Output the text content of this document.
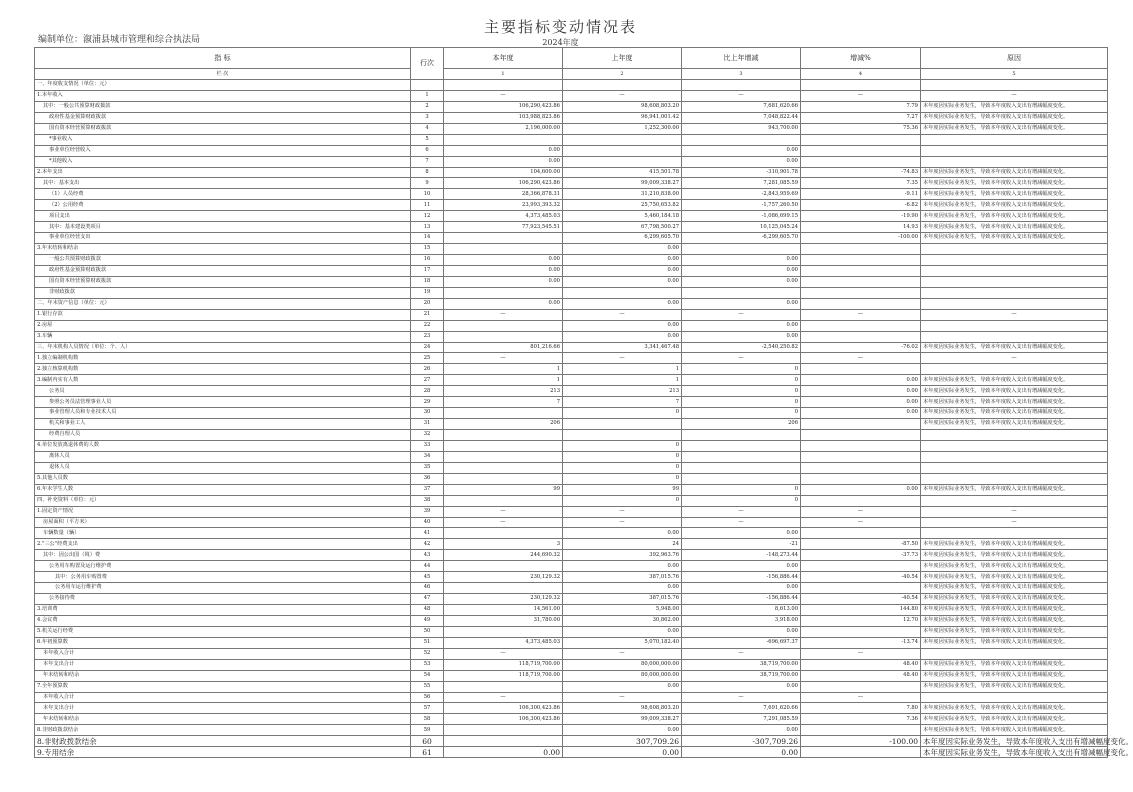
主要指标变动情况表
编制单位：溆浦县城市管理和综合执法局	2024年度
指 标	行次	本年度	上年度	比上年增减	增减%	原因
栏 次		1	2	3	4	5
一、年度收支情况（单位：元）						
1.本年收入	1	—	—	—	—	—
其中：一般公共预算财政拨款	2	106,290,423.86	98,608,803.20	7,681,620.66	7.79	本年度因实际业务发生，导致本年度收入支出有增减幅度变化。
政府性基金预算财政拨款	3	103,988,823.86	96,941,001.42	7,048,822.44	7.27	本年度因实际业务发生，导致本年度收入支出有增减幅度变化。
国有资本经营预算财政拨款	4	2,196,000.00	1,252,300.00	943,700.00	75.36	本年度因实际业务发生，导致本年度收入支出有增减幅度变化。
*事业收入	5					
事业单位经营收入	6	0.00		0.00		
*其他收入	7	0.00		0.00		
2.本年支出	8	104,600.00	415,501.78	-310,901.78	-74.83	本年度因实际业务发生，导致本年度收入支出有增减幅度变化。
其中：基本支出	9	106,290,423.86	99,009,338.27	7,281,085.59	7.35	本年度因实际业务发生，导致本年度收入支出有增减幅度变化。
（1）人员经费	10	28,366,878.31	31,210,838.00	-2,843,959.69	-9.11	本年度因实际业务发生，导致本年度收入支出有增减幅度变化。
（2）公用经费	11	23,993,393.32	25,750,653.82	-1,757,260.50	-6.82	本年度因实际业务发生，导致本年度收入支出有增减幅度变化。
项目支出	12	4,373,485.03	5,460,184.18	-1,086,699.15	-19.90	本年度因实际业务发生，导致本年度收入支出有增减幅度变化。
其中：基本建设类项目	13	77,923,545.51	67,798,500.27	10,125,045.24	14.93	本年度因实际业务发生，导致本年度收入支出有增减幅度变化。
事业单位经营支出	14		6,299,605.70	-6,299,605.70	-100.00	本年度因实际业务发生，导致本年度收入支出有增减幅度变化。
3.年末结转和结余	15		0.00			
一般公共预算财政拨款	16	0.00	0.00	0.00		
政府性基金预算财政拨款	17	0.00	0.00	0.00		
国有资本经营预算财政拨款	18	0.00	0.00	0.00		
非财政拨款	19					
二、年末资产信息（单位：元）	20	0.00	0.00	0.00		
1.银行存款	21	—	—	—	—	—
2.房屋	22		0.00	0.00		
3.车辆	23		0.00	0.00		
三、年末机构人员情况（单位：个、人）	24	801,216.66	3,341,467.48	-2,540,250.82	-76.02	本年度因实际业务发生，导致本年度收入支出有增减幅度变化。
1.独立编制机构数	25	—	—	—	—	—
2.独立核算机构数	26	1	1	0		
3.编制内实有人数	27	1	1	0	0.00	本年度因实际业务发生，导致本年度收入支出有增减幅度变化。
公务员	28	213	213	0	0.00	本年度因实际业务发生，导致本年度收入支出有增减幅度变化。
参照公务员法管理事业人员	29	7	7	0	0.00	本年度因实际业务发生，导致本年度收入支出有增减幅度变化。
事业管理人员和专业技术人员	30		0	0	0.00	本年度因实际业务发生，导致本年度收入支出有增减幅度变化。
机关和事业工人	31	206		206		本年度因实际业务发生，导致本年度收入支出有增减幅度变化。
经费自理人员	32					
4.单位发放离退休费的人数	33		0			
离休人员	34		0			
退休人员	35		0			
5.其他人员数	36		0			
6.年末学生人数	37	99	99	0	0.00	本年度因实际业务发生，导致本年度收入支出有增减幅度变化。
四、补充资料（单位：元）	38		0	0		
1.固定资产情况	39	—	—	—	—	—
房屋面积（平方米）	40	—	—	—	—	—
车辆数量（辆）	41		0.00	0.00		
2."三公"经费支出	42	3	24	-21	-87.50	本年度因实际业务发生，导致本年度收入支出有增减幅度变化。
其中：因公出国（境）费	43	244,690.32	392,963.76	-148,273.44	-37.73	本年度因实际业务发生，导致本年度收入支出有增减幅度变化。
公务用车购置及运行维护费	44		0.00	0.00		本年度因实际业务发生，导致本年度收入支出有增减幅度变化。
其中：公务用车购置费	45	230,129.32	387,015.76	-156,886.44	-40.54	本年度因实际业务发生，导致本年度收入支出有增减幅度变化。
公务用车运行维护费	46		0.00	0.00		本年度因实际业务发生，导致本年度收入支出有增减幅度变化。
公务接待费	47	230,129.32	387,015.76	-156,886.44	-40.54	本年度因实际业务发生，导致本年度收入支出有增减幅度变化。
3.培训费	48	14,561.00	5,948.00	8,613.00	144.80	本年度因实际业务发生，导致本年度收入支出有增减幅度变化。
4.会议费	49	31,780.00	30,862.00	3,918.00	12.70	本年度因实际业务发生，导致本年度收入支出有增减幅度变化。
5.机关运行经费	50		0.00	0.00		本年度因实际业务发生，导致本年度收入支出有增减幅度变化。
6.年初预算数	51	4,373,485.03	5,070,182.40	-696,697.37	-13.74	本年度因实际业务发生，导致本年度收入支出有增减幅度变化。
本年收入合计	52	—	—	—	—	
本年支出合计	53	118,719,700.00	80,000,000.00	38,719,700.00	48.40	本年度因实际业务发生，导致本年度收入支出有增减幅度变化。
年末结转和结余	54	118,719,700.00	80,000,000.00	38,719,700.00	48.40	本年度因实际业务发生，导致本年度收入支出有增减幅度变化。
7.全年预算数	55		0.00	0.00		本年度因实际业务发生，导致本年度收入支出有增减幅度变化。
本年收入合计	56	—	—	—	—	
本年支出合计	57	106,300,423.86	98,608,803.20	7,691,620.66	7.80	本年度因实际业务发生，导致本年度收入支出有增减幅度变化。
年末结转和结余	58	106,300,423.86	99,009,338.27	7,291,085.59	7.36	本年度因实际业务发生，导致本年度收入支出有增减幅度变化。
8.非财政拨款结余	59		0.00	0.00		本年度因实际业务发生，导致本年度收入支出有增减幅度变化。
8.非财政拨款结余	60		307,709.26	-307,709.26	-100.00	本年度因实际业务发生，导致本年度收入支出有增减幅度变化。
9.专用结余	61	0.00	0.00	0.00		本年度因实际业务发生，导致本年度收入支出有增减幅度变化。
